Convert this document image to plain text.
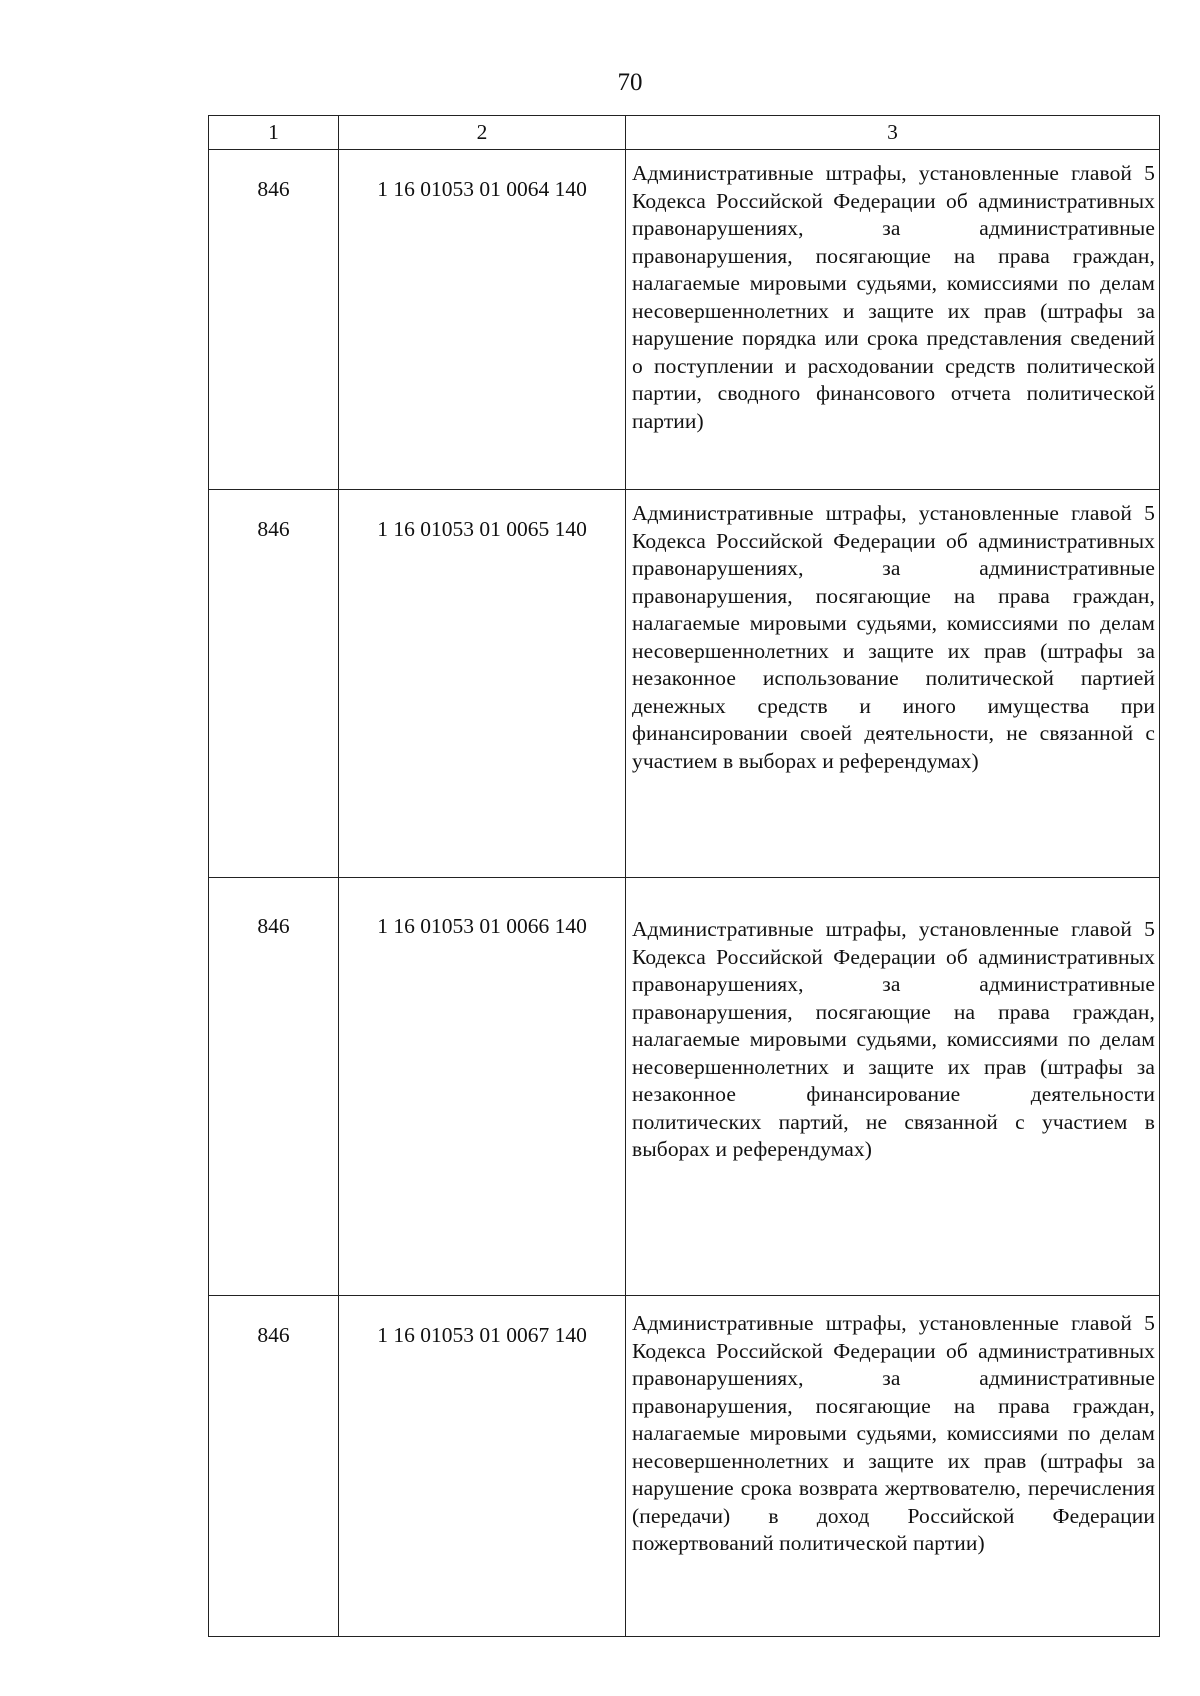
70
1	2	3

846	1 16 01053 01 0064 140	Административные штрафы, установленные главой 5 Кодекса Российской Федерации об административных правонарушениях, за административные правонарушения, посягающие на права граждан, налагаемые мировыми судьями, комиссиями по делам несовершеннолетних и защите их прав (штрафы за нарушение порядка или срока представления сведений о поступлении и расходовании средств политической партии, сводного финансового отчета политической партии)

846	1 16 01053 01 0065 140	Административные штрафы, установленные главой 5 Кодекса Российской Федерации об административных правонарушениях, за административные правонарушения, посягающие на права граждан, налагаемые мировыми судьями, комиссиями по делам несовершеннолетних и защите их прав (штрафы за незаконное использование политической партией денежных средств и иного имущества при финансировании своей деятельности, не связанной с участием в выборах и референдумах)

846	1 16 01053 01 0066 140	Административные штрафы, установленные главой 5 Кодекса Российской Федерации об административных правонарушениях, за административные правонарушения, посягающие на права граждан, налагаемые мировыми судьями, комиссиями по делам несовершеннолетних и защите их прав (штрафы за незаконное финансирование деятельности политических партий, не связанной с участием в выборах и референдумах)

846	1 16 01053 01 0067 140	Административные штрафы, установленные главой 5 Кодекса Российской Федерации об административных правонарушениях, за административные правонарушения, посягающие на права граждан, налагаемые мировыми судьями, комиссиями по делам несовершеннолетних и защите их прав (штрафы за нарушение срока возврата жертвователю, перечисления (передачи) в доход Российской Федерации пожертвований политической партии)
